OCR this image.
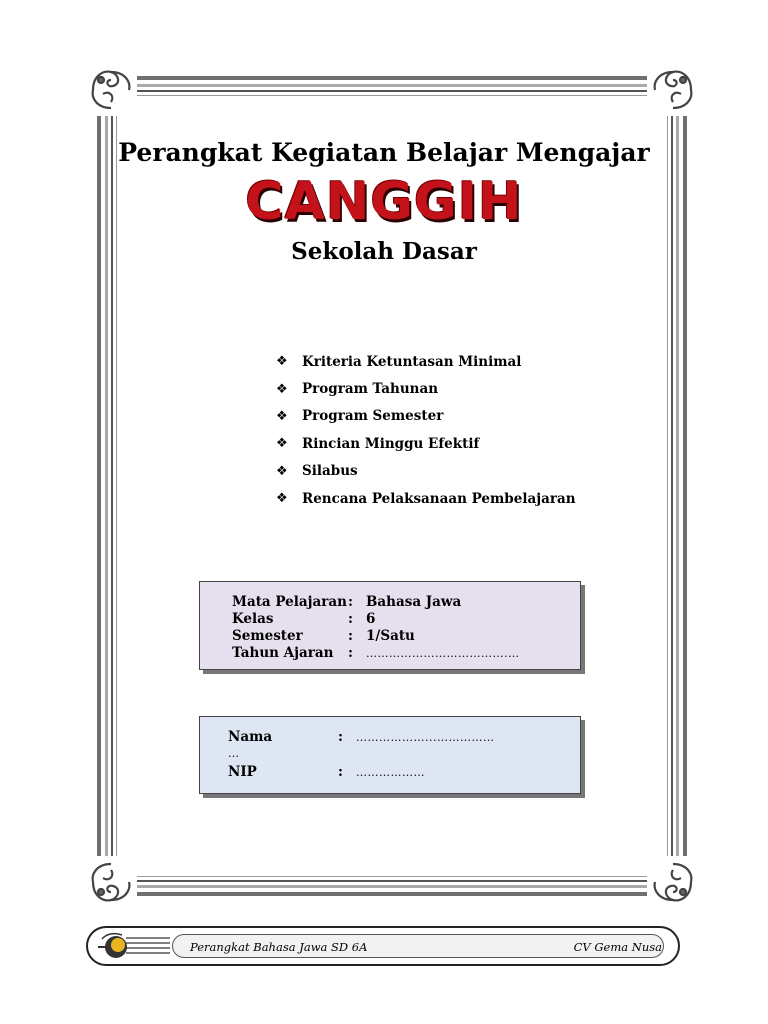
Perangkat Kegiatan Belajar Mengajar
CANGGIH
Sekolah Dasar
❖	Kriteria Ketuntasan Minimal
❖	Program Tahunan
❖	Program Semester
❖	Rincian Minggu Efektif
❖	Silabus
❖	Rencana Pelaksanaan Pembelajaran
Mata Pelajaran : Bahasa Jawa
Kelas	: 6
Semester	: 1/Satu
Tahun Ajaran : ……………………………….…
Nama	: ………………...……………
…
NIP	: ………………
Perangkat Bahasa Jawa SD 6A	CV Gema Nusa
